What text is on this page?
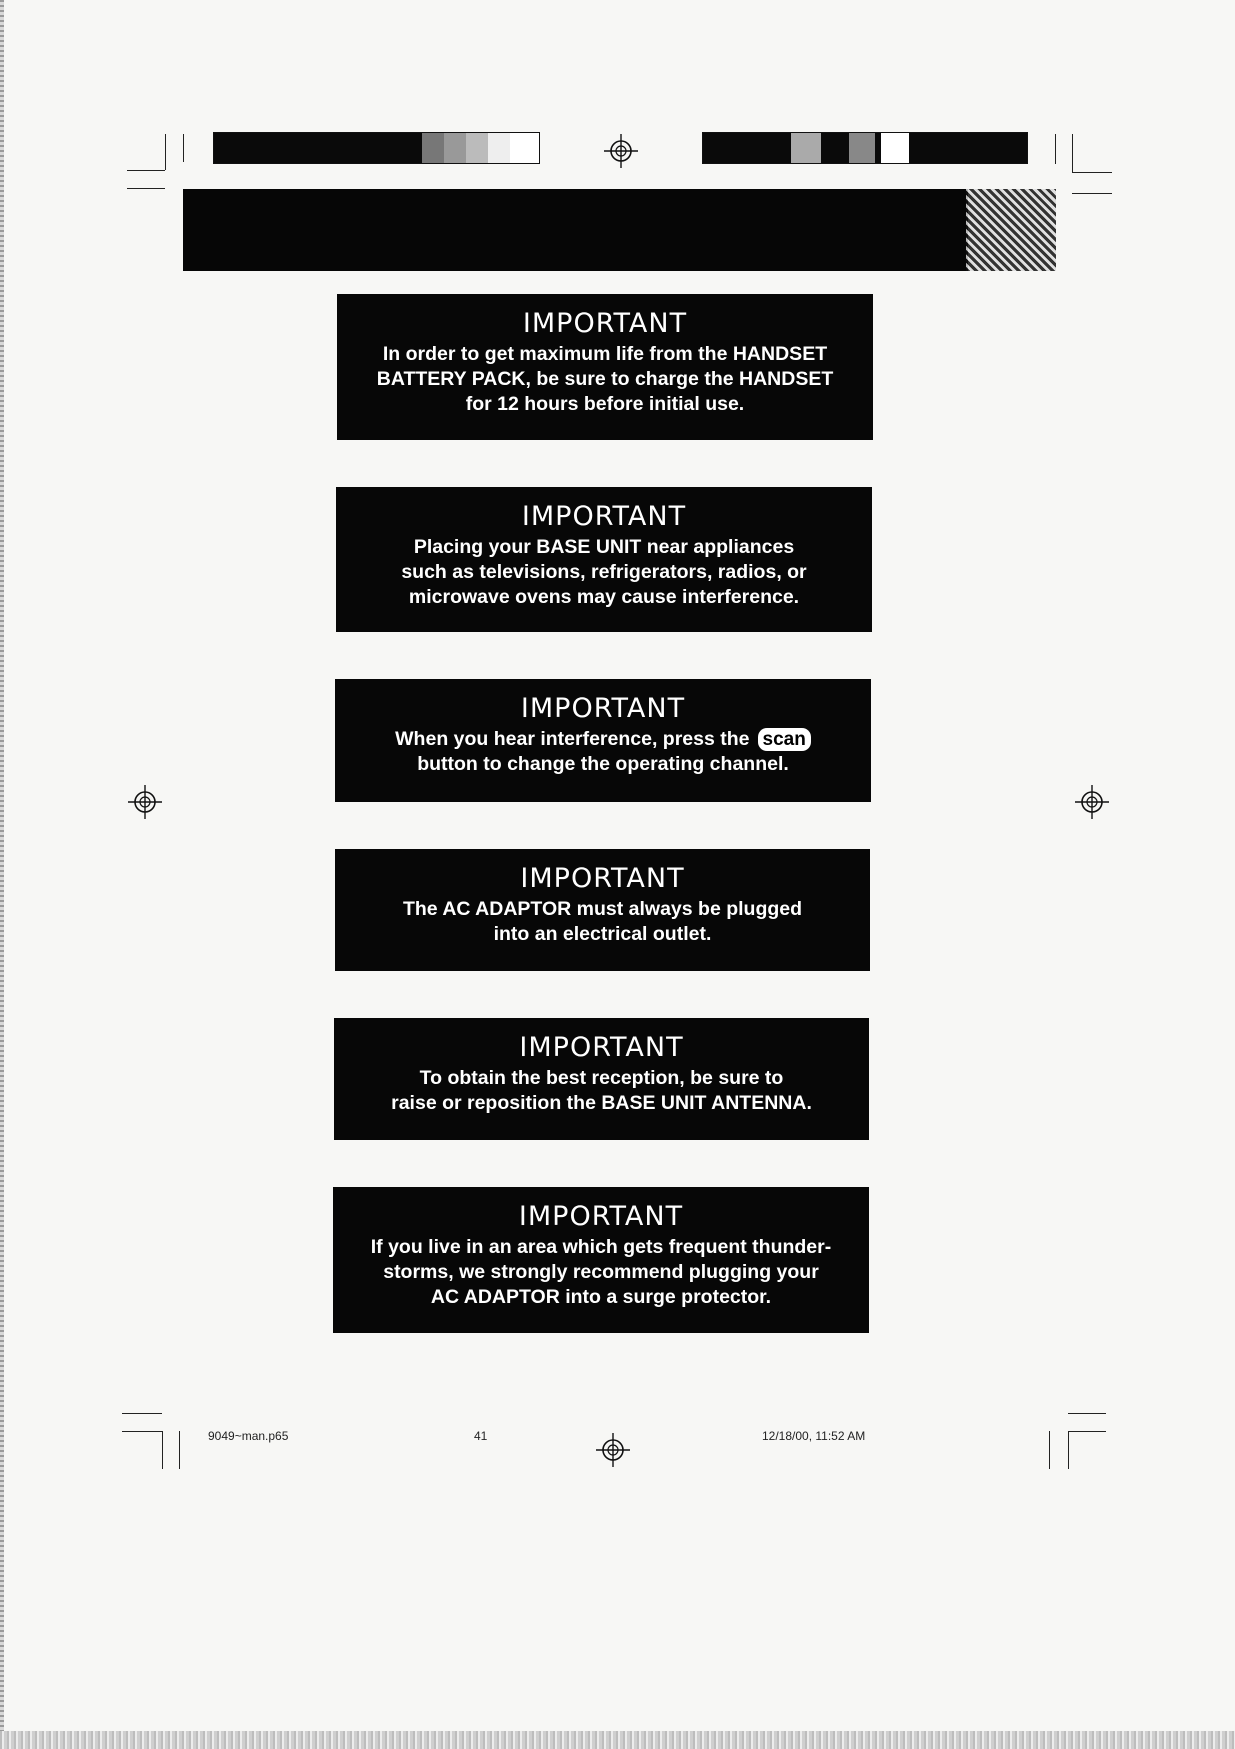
IMPORTANT
In order to get maximum life from the HANDSET
BATTERY PACK, be sure to charge the HANDSET
for 12 hours before initial use.
IMPORTANT
Placing your BASE UNIT near appliances
such as televisions, refrigerators, radios, or
microwave ovens may cause interference.
IMPORTANT
When you hear interference, press the scan
button to change the operating channel.
IMPORTANT
The AC ADAPTOR must always be plugged
into an electrical outlet.
IMPORTANT
To obtain the best reception, be sure to
raise or reposition the BASE UNIT ANTENNA.
IMPORTANT
If you live in an area which gets frequent thunder-
storms, we strongly recommend plugging your
AC ADAPTOR into a surge protector.
9049~man.p65	41	12/18/00, 11:52 AM
